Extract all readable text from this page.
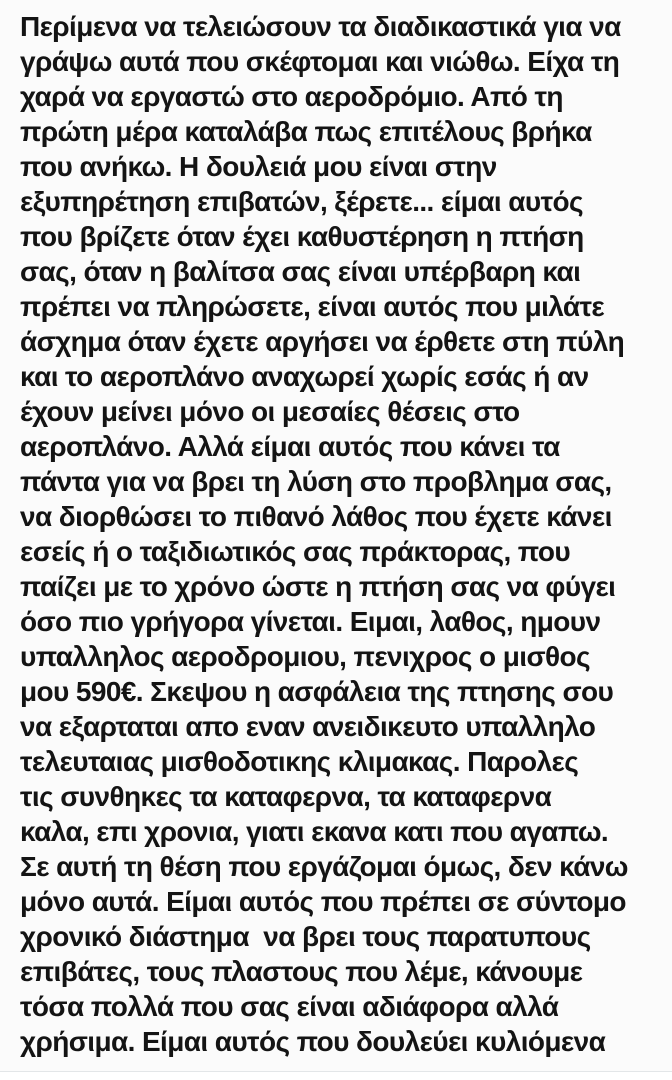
Περίμενα να τελειώσουν τα διαδικαστικά για να
γράψω αυτά που σκέφτομαι και νιώθω. Είχα τη
χαρά να εργαστώ στο αεροδρόμιο. Από τη
πρώτη μέρα καταλάβα πως επιτέλους βρήκα
που ανήκω. Η δουλειά μου είναι στην
εξυπηρέτηση επιβατών, ξέρετε... είμαι αυτός
που βρίζετε όταν έχει καθυστέρηση η πτήση
σας, όταν η βαλίτσα σας είναι υπέρβαρη και
πρέπει να πληρώσετε, είναι αυτός που μιλάτε
άσχημα όταν έχετε αργήσει να έρθετε στη πύλη
και το αεροπλάνο αναχωρεί χωρίς εσάς ή αν
έχουν μείνει μόνο οι μεσαίες θέσεις στο
αεροπλάνο. Αλλά είμαι αυτός που κάνει τα
πάντα για να βρει τη λύση στο προβλημα σας,
να διορθώσει το πιθανό λάθος που έχετε κάνει
εσείς ή ο ταξιδιωτικός σας πράκτορας, που
παίζει με το χρόνο ώστε η πτήση σας να φύγει
όσο πιο γρήγορα γίνεται. Ειμαι, λαθος, ημουν
υπαλληλος αεροδρομιου, πενιχρος ο μισθος
μου 590€. Σκεψου η ασφάλεια της πτησης σου
να εξαρταται απο εναν ανειδικευτο υπαλληλο
τελευταιας μισθοδοτικης κλιμακας. Παρολες
τις συνθηκες τα καταφερνα, τα καταφερνα
καλα, επι χρονια, γιατι εκανα κατι που αγαπω.
Σε αυτή τη θέση που εργάζομαι όμως, δεν κάνω
μόνο αυτά. Είμαι αυτός που πρέπει σε σύντομο
χρονικό διάστημα  να βρει τους παρατυπους
επιβάτες, τους πλαστους που λέμε, κάνουμε
τόσα πολλά που σας είναι αδιάφορα αλλά
χρήσιμα. Είμαι αυτός που δουλεύει κυλιόμενα
